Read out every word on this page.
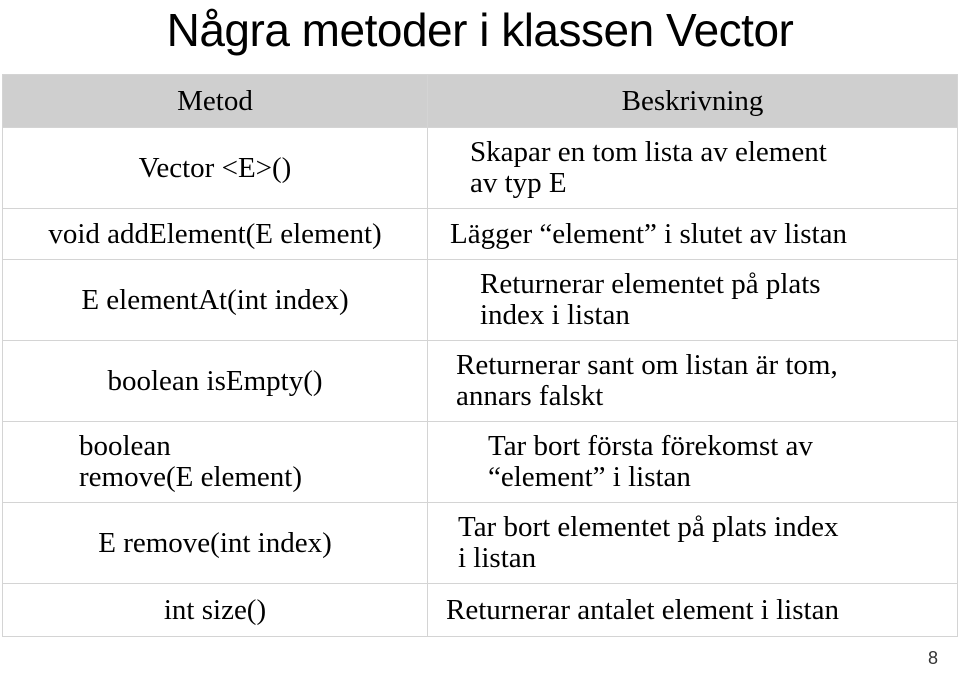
Några metoder i klassen Vector
Metod	Beskrivning

Vector <E>()	Skapar en tom lista av element
av typ E

void addElement(E element)	Lägger “element” i slutet av listan

E elementAt(int index)	Returnerar elementet på plats
index i listan

boolean isEmpty()	Returnerar sant om listan är tom,
annars falskt

boolean
remove(E element)	Tar bort första förekomst av
“element” i listan

E remove(int index)	Tar bort elementet på plats index
i listan

int size()	Returnerar antalet element i listan
8
